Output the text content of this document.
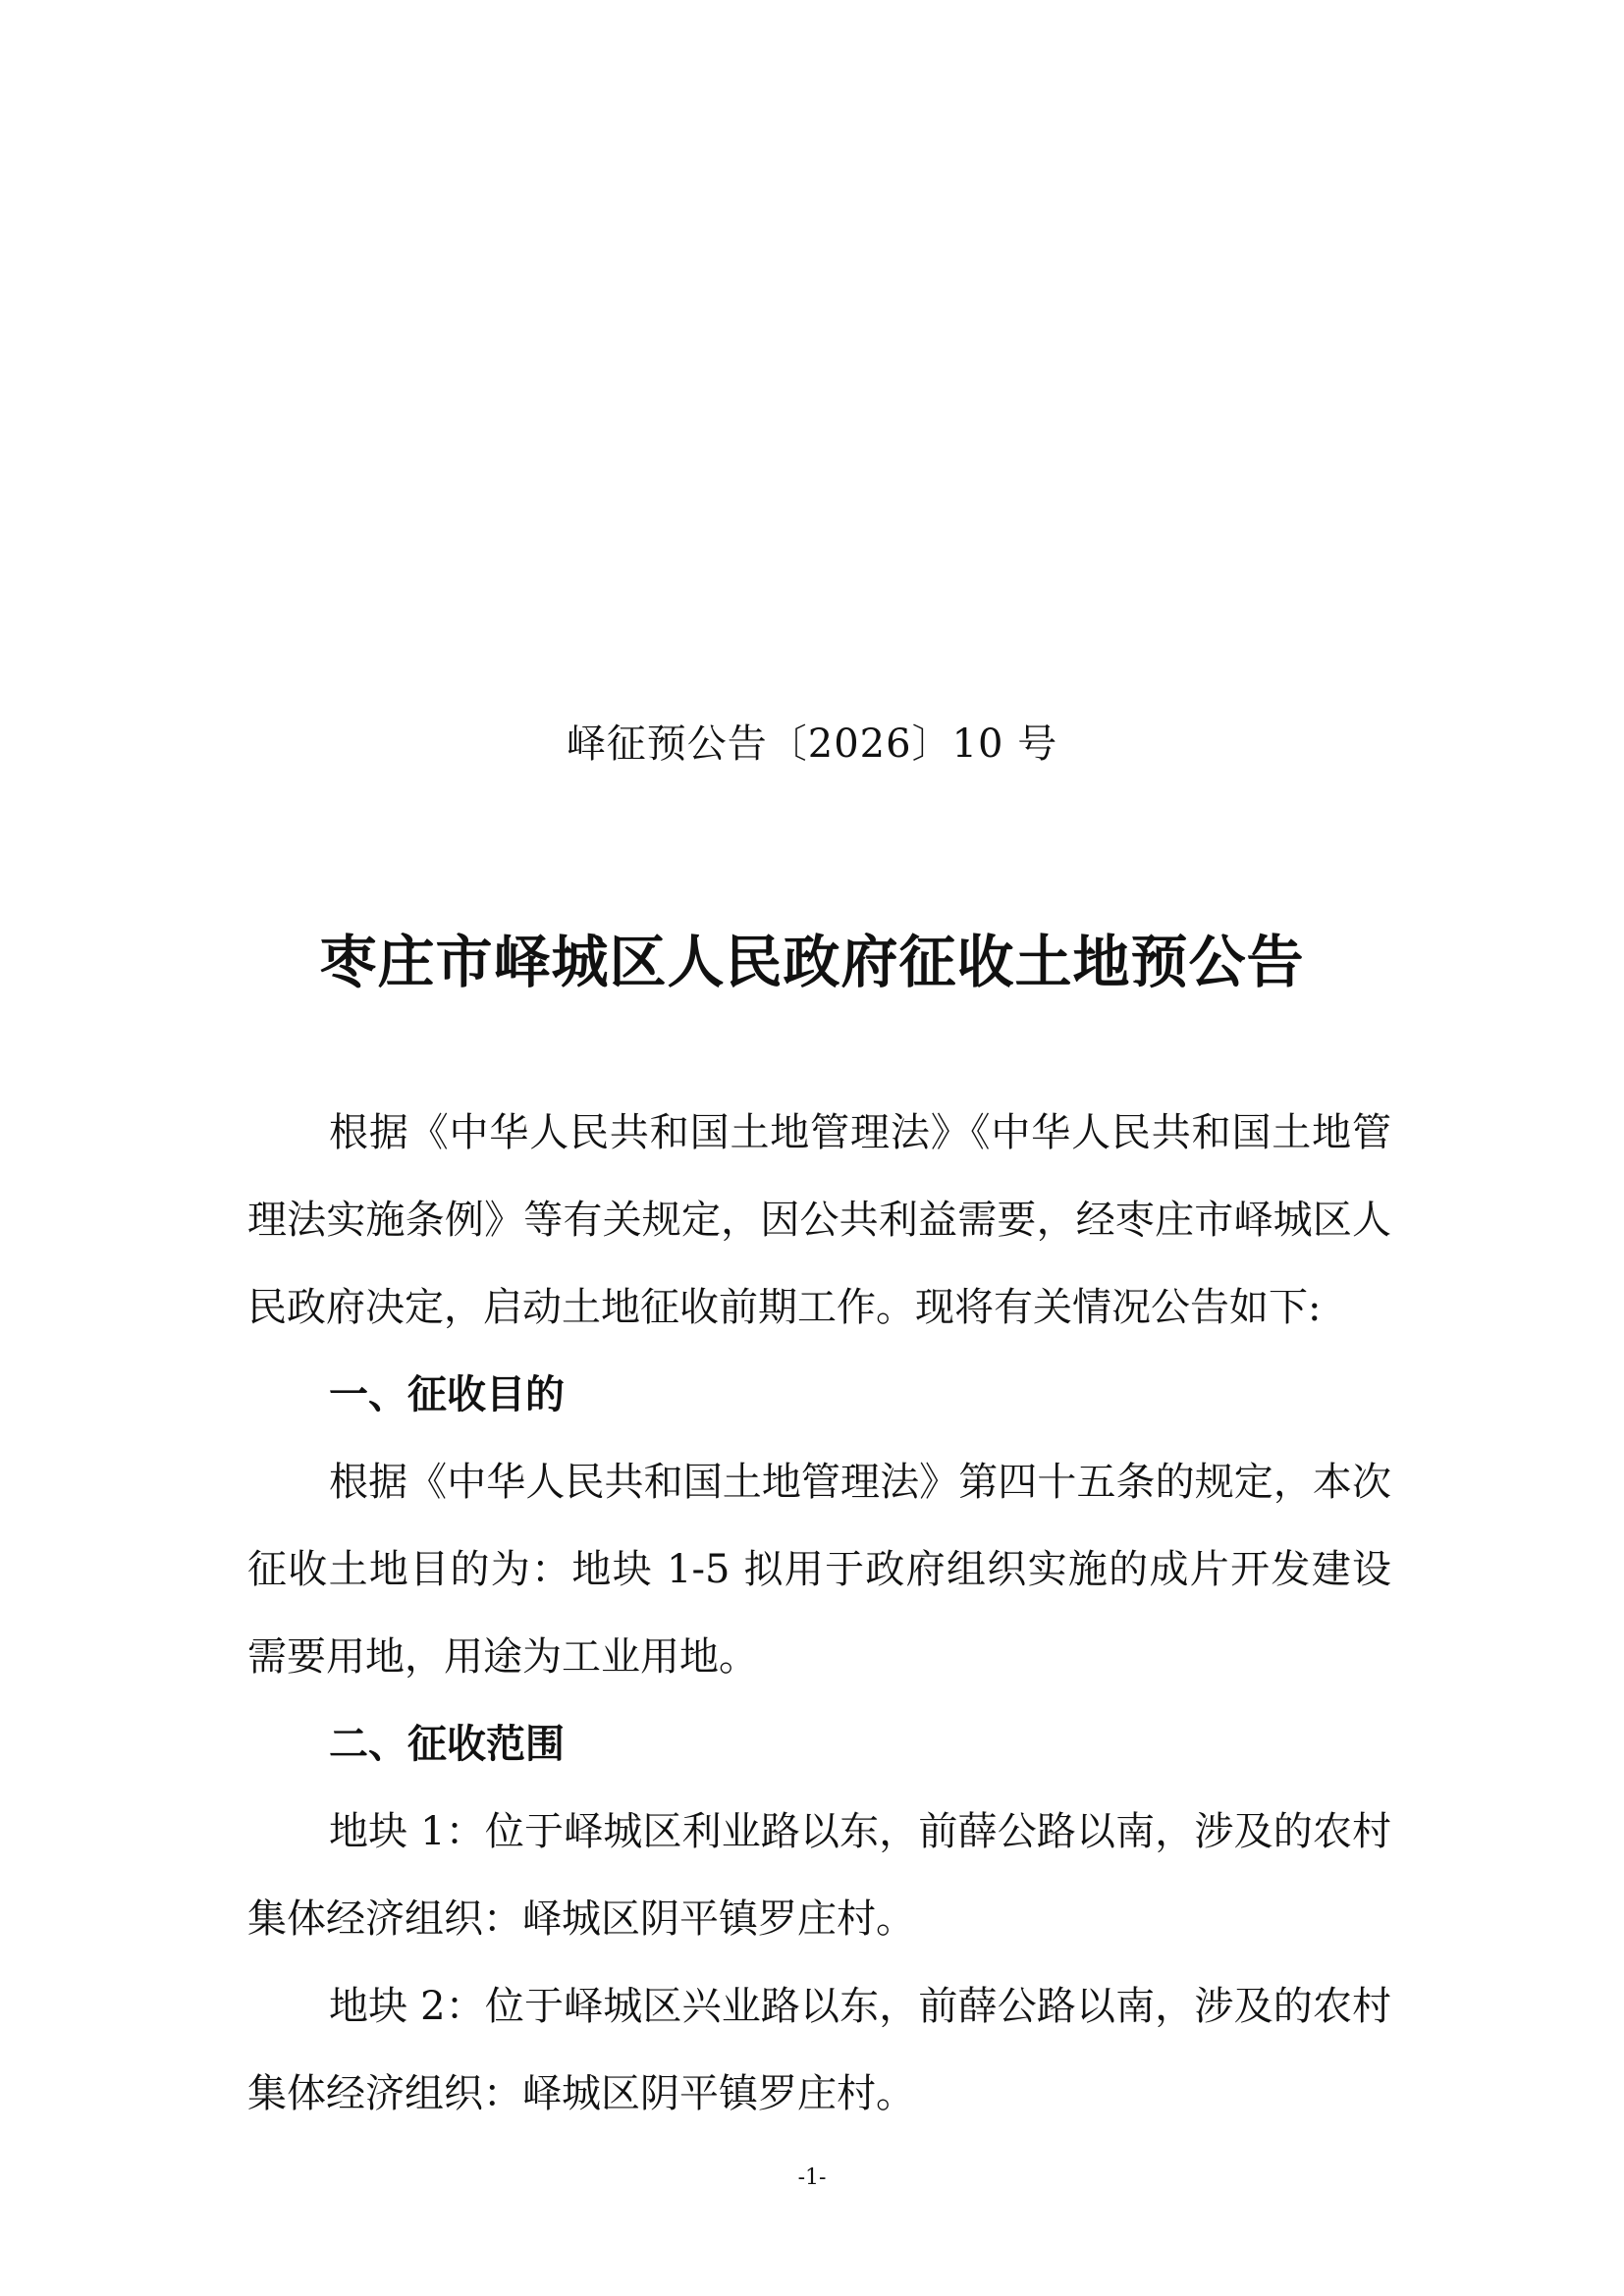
峄征预公告〔2026〕10 号

枣庄市峄城区人民政府征收土地预公告

根据《中华人民共和国土地管理法》《中华人民共和国土地管理法实施条例》等有关规定，因公共利益需要，经枣庄市峄城区人民政府决定，启动土地征收前期工作。现将有关情况公告如下:

一、征收目的

根据《中华人民共和国土地管理法》第四十五条的规定，本次征收土地目的为：地块 1-5 拟用于政府组织实施的成片开发建设需要用地，用途为工业用地。

二、征收范围

地块 1：位于峄城区利业路以东，前薛公路以南，涉及的农村集体经济组织：峄城区阴平镇罗庄村。

地块 2：位于峄城区兴业路以东，前薛公路以南，涉及的农村集体经济组织：峄城区阴平镇罗庄村。

-1-
